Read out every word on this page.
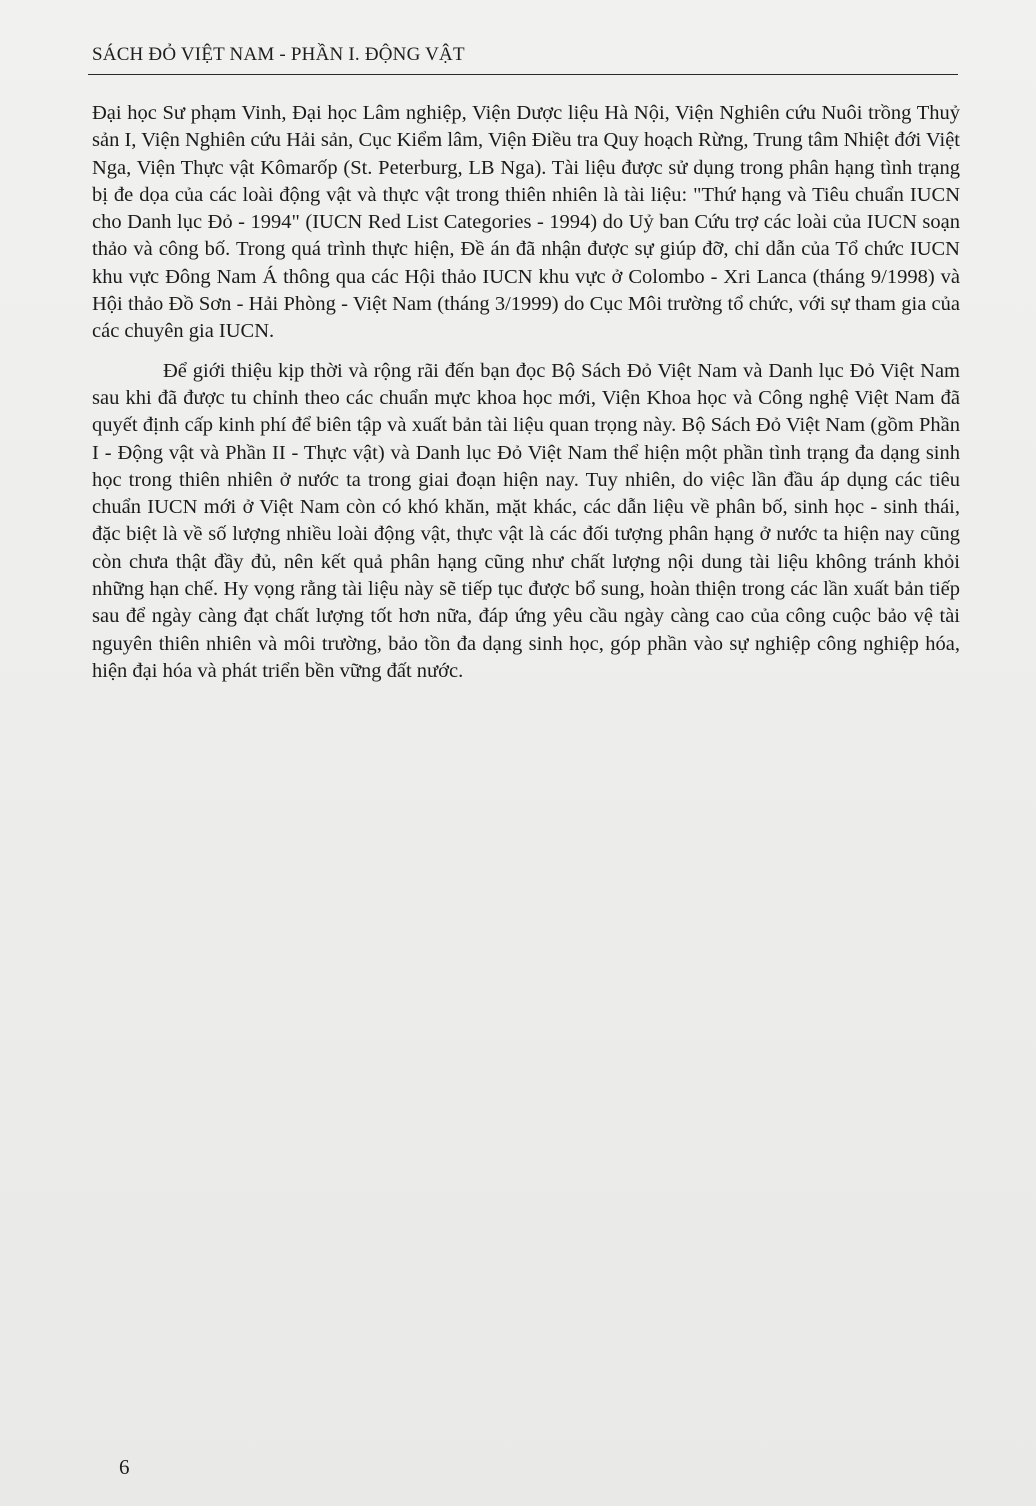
SÁCH ĐỎ VIỆT NAM - PHẦN I. ĐỘNG VẬT

Đại học Sư phạm Vinh, Đại học Lâm nghiệp, Viện Dược liệu Hà Nội, Viện Nghiên cứu Nuôi trồng Thuỷ sản I, Viện Nghiên cứu Hải sản, Cục Kiểm lâm, Viện Điều tra Quy hoạch Rừng, Trung tâm Nhiệt đới Việt Nga, Viện Thực vật Kômarốp (St. Peterburg, LB Nga). Tài liệu được sử dụng trong phân hạng tình trạng bị đe dọa của các loài động vật và thực vật trong thiên nhiên là tài liệu: "Thứ hạng và Tiêu chuẩn IUCN cho Danh lục Đỏ - 1994" (IUCN Red List Categories - 1994) do Uỷ ban Cứu trợ các loài của IUCN soạn thảo và công bố. Trong quá trình thực hiện, Đề án đã nhận được sự giúp đỡ, chỉ dẫn của Tổ chức IUCN khu vực Đông Nam Á thông qua các Hội thảo IUCN khu vực ở Colombo - Xri Lanca (tháng 9/1998) và Hội thảo Đồ Sơn - Hải Phòng - Việt Nam (tháng 3/1999) do Cục Môi trường tổ chức, với sự tham gia của các chuyên gia IUCN.

Để giới thiệu kịp thời và rộng rãi đến bạn đọc Bộ Sách Đỏ Việt Nam và Danh lục Đỏ Việt Nam sau khi đã được tu chỉnh theo các chuẩn mực khoa học mới, Viện Khoa học và Công nghệ Việt Nam đã quyết định cấp kinh phí để biên tập và xuất bản tài liệu quan trọng này. Bộ Sách Đỏ Việt Nam (gồm Phần I - Động vật và Phần II - Thực vật) và Danh lục Đỏ Việt Nam thể hiện một phần tình trạng đa dạng sinh học trong thiên nhiên ở nước ta trong giai đoạn hiện nay. Tuy nhiên, do việc lần đầu áp dụng các tiêu chuẩn IUCN mới ở Việt Nam còn có khó khăn, mặt khác, các dẫn liệu về phân bố, sinh học - sinh thái, đặc biệt là về số lượng nhiều loài động vật, thực vật là các đối tượng phân hạng ở nước ta hiện nay cũng còn chưa thật đầy đủ, nên kết quả phân hạng cũng như chất lượng nội dung tài liệu không tránh khỏi những hạn chế. Hy vọng rằng tài liệu này sẽ tiếp tục được bổ sung, hoàn thiện trong các lần xuất bản tiếp sau để ngày càng đạt chất lượng tốt hơn nữa, đáp ứng yêu cầu ngày càng cao của công cuộc bảo vệ tài nguyên thiên nhiên và môi trường, bảo tồn đa dạng sinh học, góp phần vào sự nghiệp công nghiệp hóa, hiện đại hóa và phát triển bền vững đất nước.

6
